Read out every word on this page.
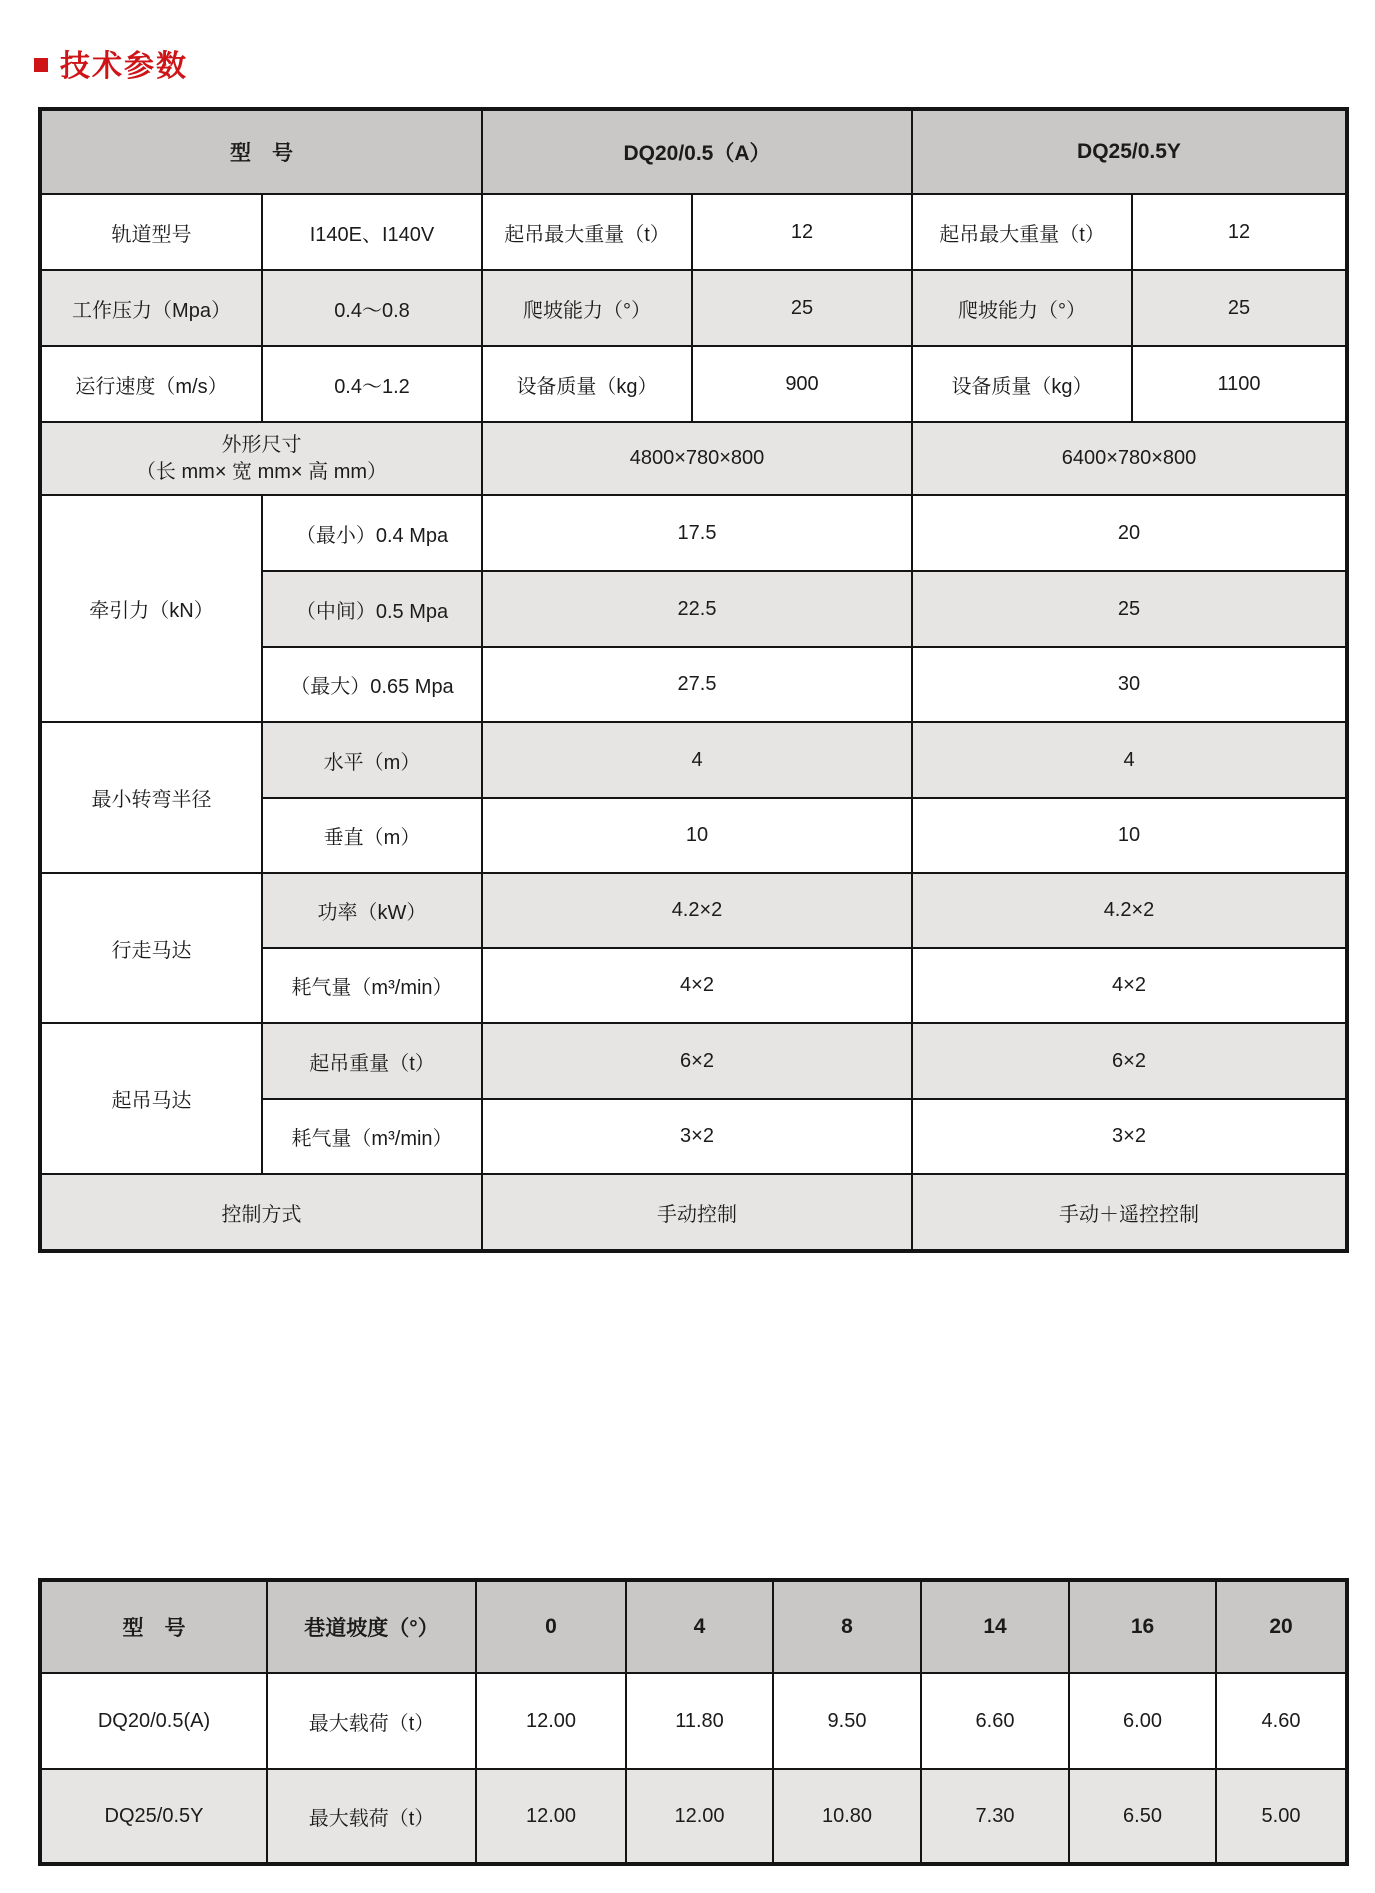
技术参数
型　号		DQ20/0.5（A）		DQ25/0.5Y	
轨道型号	I140E、I140V	起吊最大重量（t）	12	起吊最大重量（t）	12
工作压力（Mpa）	0.4～0.8	爬坡能力（°）	25	爬坡能力（°）	25
运行速度（m/s）	0.4～1.2	设备质量（kg）	900	设备质量（kg）	1100

外形尺寸
（长 mm× 宽 mm× 高 mm）		4800×780×800		6400×780×800	
牵引力（kN）	（最小）0.4 Mpa	17.5		20	
	（中间）0.5 Mpa	22.5		25	
	（最大）0.65 Mpa	27.5		30	
最小转弯半径	水平（m）	4		4	
	垂直（m）	10		10	
行走马达	功率（kW）	4.2×2		4.2×2	
	耗气量（m³/min）	4×2		4×2	
起吊马达	起吊重量（t）	6×2		6×2	
	耗气量（m³/min）	3×2		3×2	
控制方式		手动控制		手动＋遥控控制	
型　号	巷道坡度（°）	0	4	8	14	16	20
DQ20/0.5(A)	最大载荷（t）	12.00	11.80	9.50	6.60	6.00	4.60
DQ25/0.5Y	最大载荷（t）	12.00	12.00	10.80	7.30	6.50	5.00
